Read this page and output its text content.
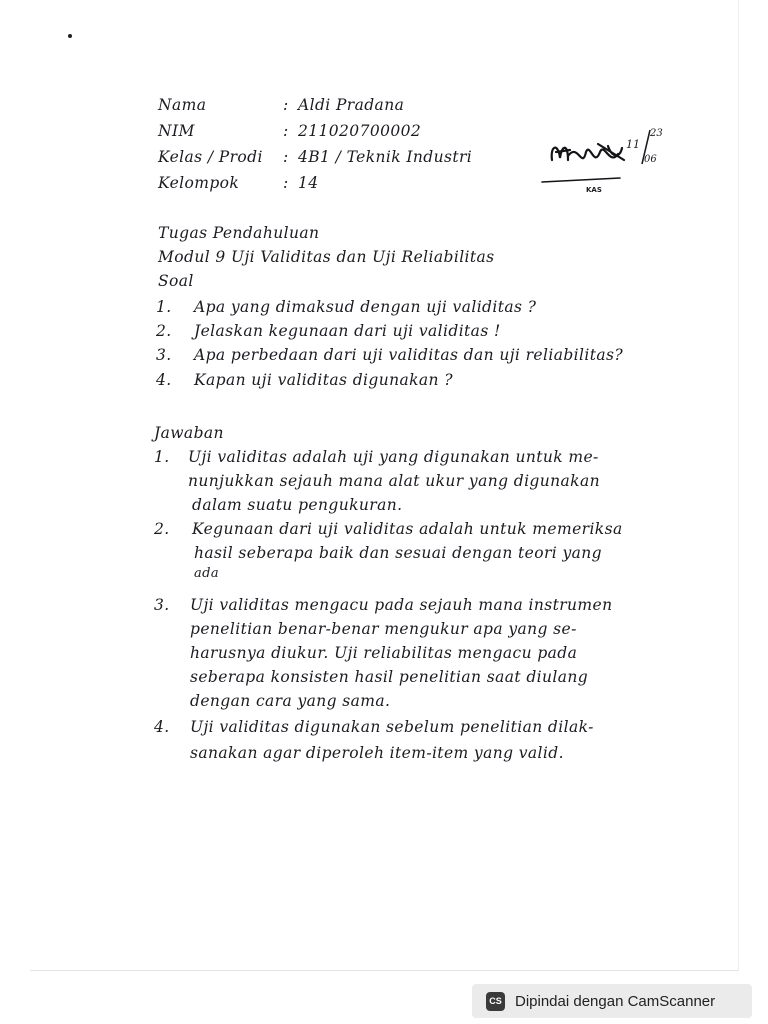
Nama	: Aldi Pradana
NIM	: 211020700002
Kelas / Prodi : 4B1 / Teknik Industri
Kelompok	: 14	KAS
11
23
06
Tugas Pendahuluan
Modul 9 Uji Validitas dan Uji Reliabilitas
Soal
1. Apa yang dimaksud dengan uji validitas ?
2. Jelaskan kegunaan dari uji validitas !
3. Apa perbedaan dari uji validitas dan uji reliabilitas?
4. Kapan uji validitas digunakan ?
Jawaban
1. Uji validitas adalah uji yang digunakan untuk me-
nunjukkan sejauh mana alat ukur yang digunakan
dalam suatu pengukuran.
2. Kegunaan dari uji validitas adalah untuk memeriksa
hasil seberapa baik dan sesuai dengan teori yang
ada
3. Uji validitas mengacu pada sejauh mana instrumen
penelitian benar-benar mengukur apa yang se-
harusnya diukur. Uji reliabilitas mengacu pada
seberapa konsisten hasil penelitian saat diulang
dengan cara yang sama.
4. Uji validitas digunakan sebelum penelitian dilak-
sanakan agar diperoleh item-item yang valid.
CS Dipindai dengan CamScanner
